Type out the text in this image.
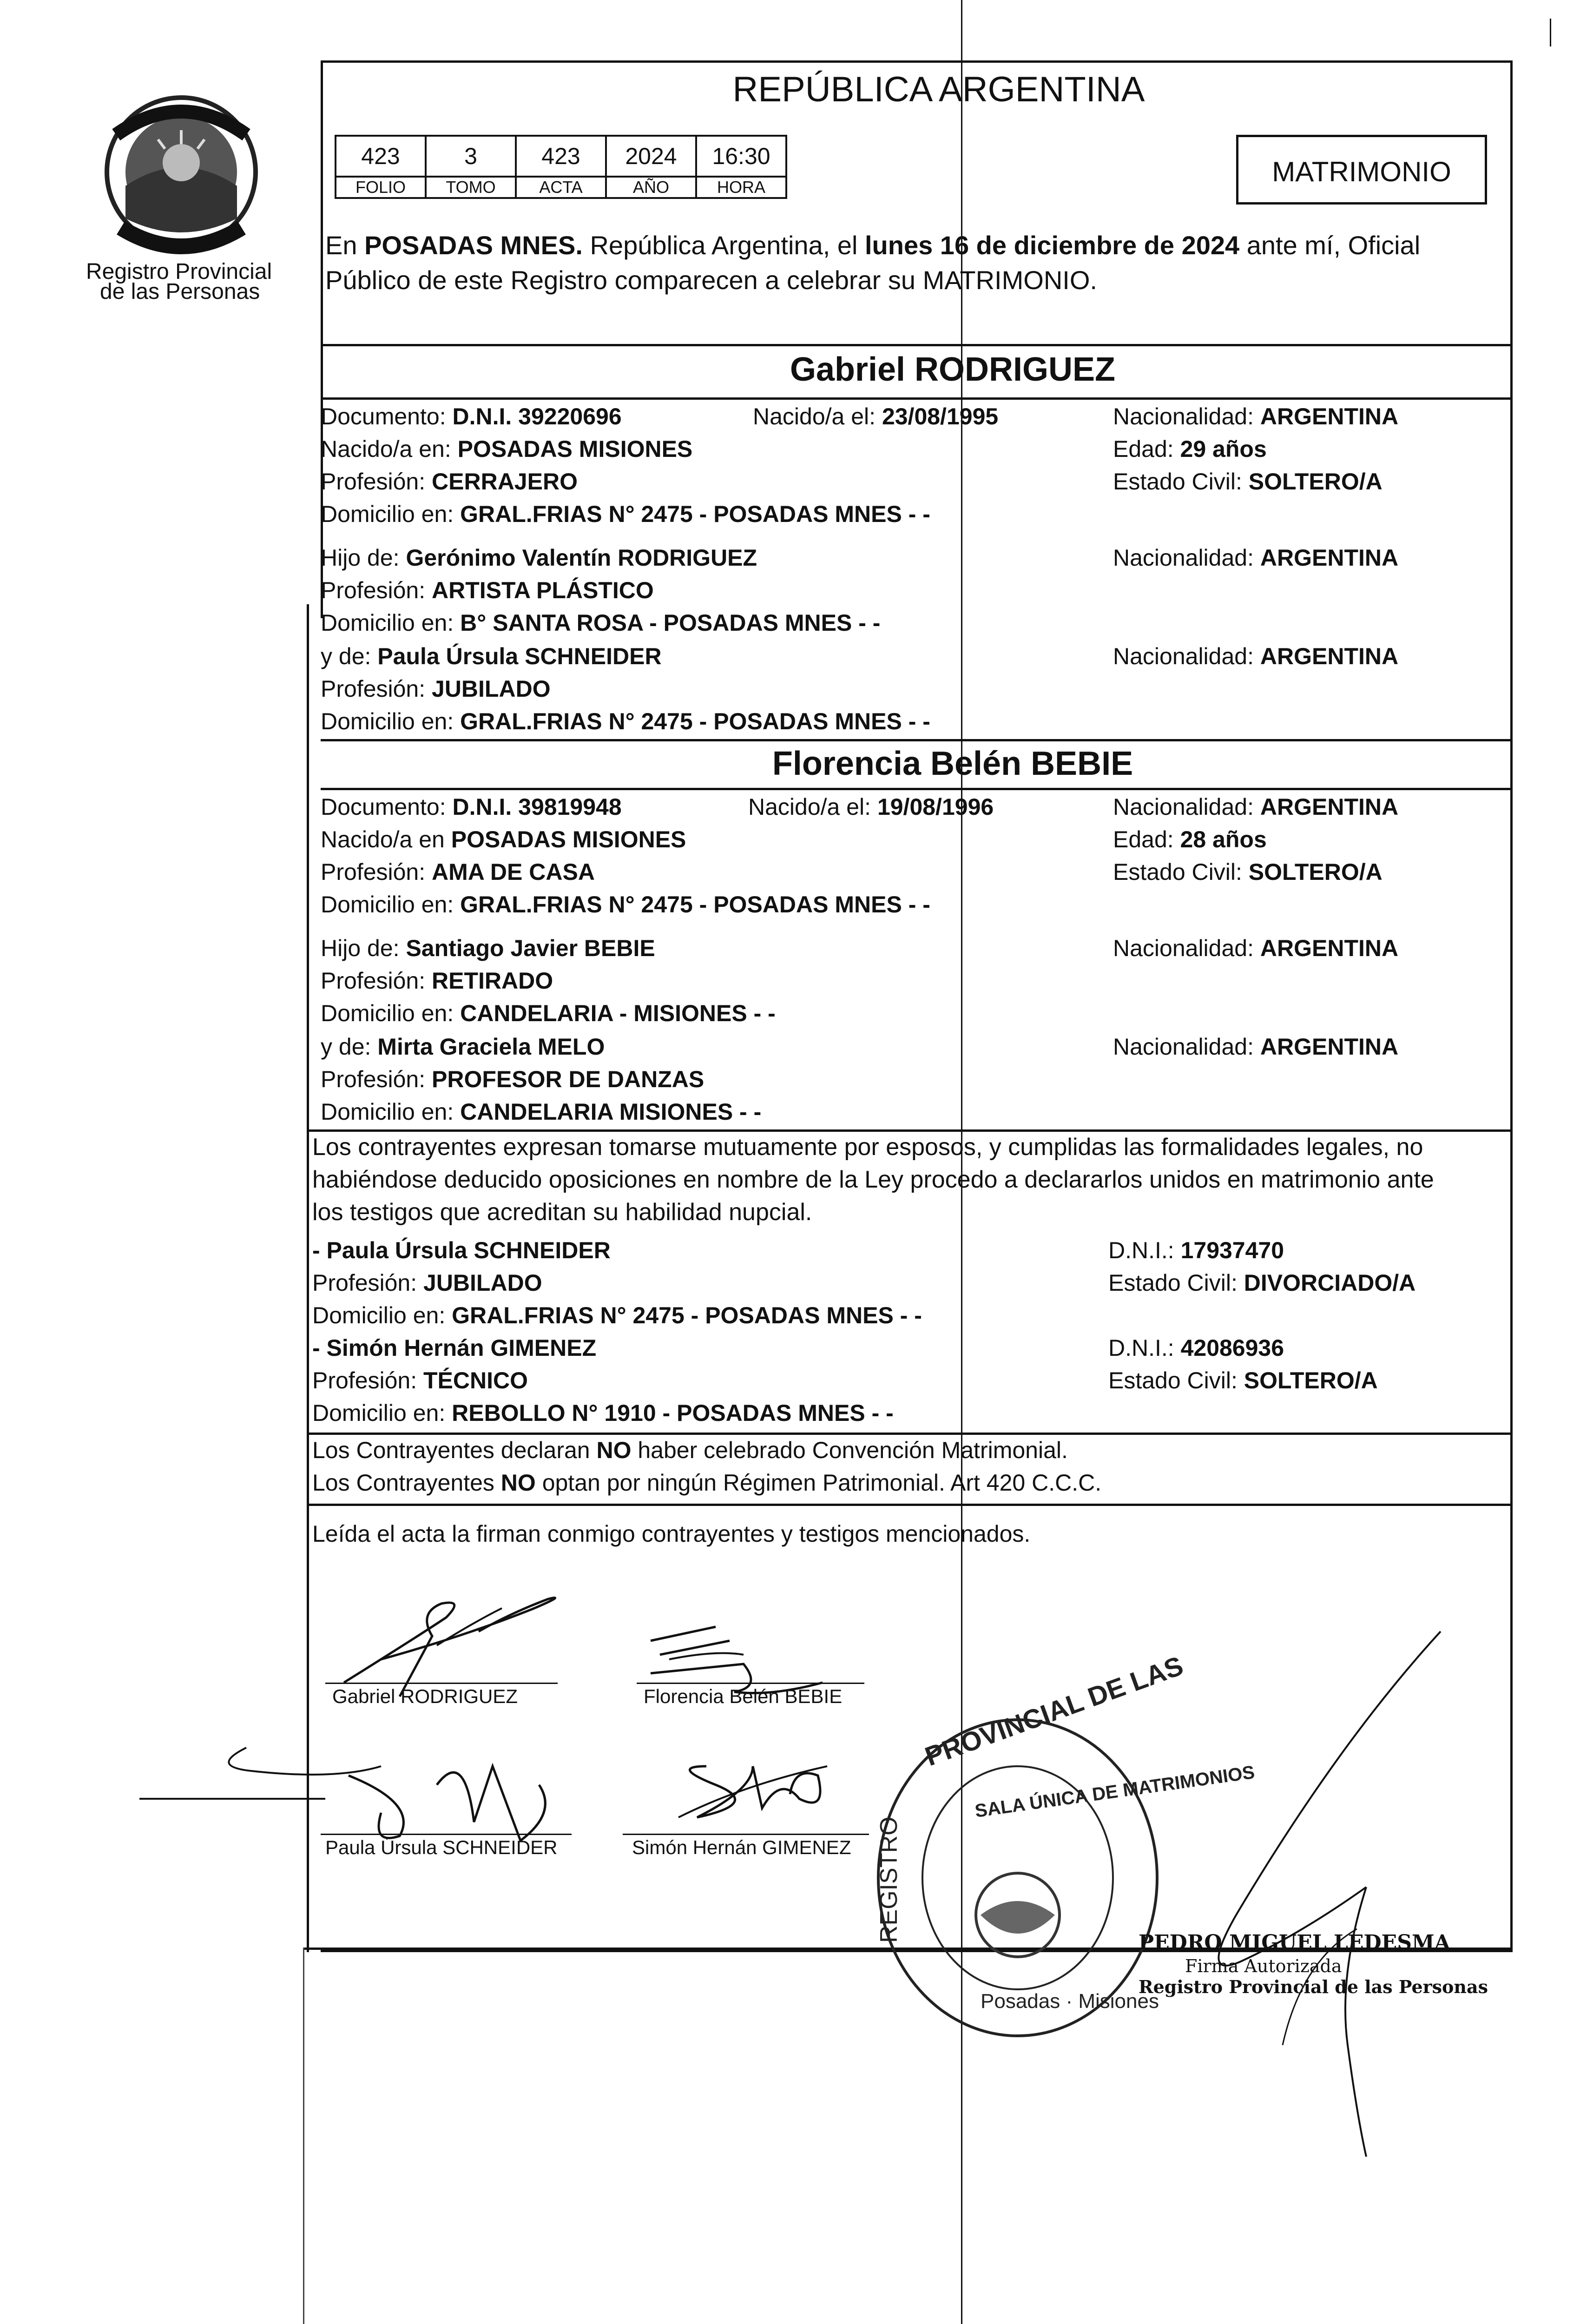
Registro Provincial
de las Personas
REPÚBLICA ARGENTINA
423	3	423	2024	16:30
FOLIO	TOMO	ACTA	AÑO	HORA	MATRIMONIO
En POSADAS MNES. República Argentina, el lunes 16 de diciembre de 2024 ante mí, Oficial
Público de este Registro comparecen a celebrar su MATRIMONIO.
Gabriel RODRIGUEZ
Documento: D.N.I. 39220696	Nacido/a el: 23/08/1995	Nacionalidad: ARGENTINA
Nacido/a en: POSADAS MISIONES	Edad: 29 años
Profesión: CERRAJERO	Estado Civil: SOLTERO/A
Domicilio en: GRAL.FRIAS N° 2475 - POSADAS MNES - -
Hijo de: Gerónimo Valentín RODRIGUEZ	Nacionalidad: ARGENTINA
Profesión: ARTISTA PLÁSTICO
Domicilio en: B° SANTA ROSA - POSADAS MNES - -
y de: Paula Úrsula SCHNEIDER	Nacionalidad: ARGENTINA
Profesión: JUBILADO
Domicilio en: GRAL.FRIAS N° 2475 - POSADAS MNES - -
Florencia Belén BEBIE
Documento: D.N.I. 39819948	Nacido/a el: 19/08/1996	Nacionalidad: ARGENTINA
Nacido/a en POSADAS MISIONES	Edad: 28 años
Profesión: AMA DE CASA	Estado Civil: SOLTERO/A
Domicilio en: GRAL.FRIAS N° 2475 - POSADAS MNES - -
Hijo de: Santiago Javier BEBIE	Nacionalidad: ARGENTINA
Profesión: RETIRADO
Domicilio en: CANDELARIA - MISIONES - -
y de: Mirta Graciela MELO	Nacionalidad: ARGENTINA
Profesión: PROFESOR DE DANZAS
Domicilio en: CANDELARIA MISIONES - -
Los contrayentes expresan tomarse mutuamente por esposos, y cumplidas las formalidades legales, no
habiéndose deducido oposiciones en nombre de la Ley procedo a declararlos unidos en matrimonio ante
los testigos que acreditan su habilidad nupcial.
- Paula Úrsula SCHNEIDER	D.N.I.: 17937470
Profesión: JUBILADO	Estado Civil: DIVORCIADO/A
Domicilio en: GRAL.FRIAS N° 2475 - POSADAS MNES - -
- Simón Hernán GIMENEZ	D.N.I.: 42086936
Profesión: TÉCNICO	Estado Civil: SOLTERO/A
Domicilio en: REBOLLO N° 1910 - POSADAS MNES - -
Los Contrayentes declaran NO haber celebrado Convención Matrimonial.
Los Contrayentes NO optan por ningún Régimen Patrimonial. Art 420 C.C.C.
Leída el acta la firman conmigo contrayentes y testigos mencionados.
Gabriel RODRIGUEZ	Florencia Belén BEBIE
Paula Úrsula SCHNEIDER	Simón Hernán GIMENEZ
PROVINCIAL DE LAS
SALA ÚNICA DE MATRIMONIOS
REGISTRO
Posadas · Misiones
PEDRO MIGUEL LEDESMA
Firma Autorizada
Registro Provincial de las Personas
